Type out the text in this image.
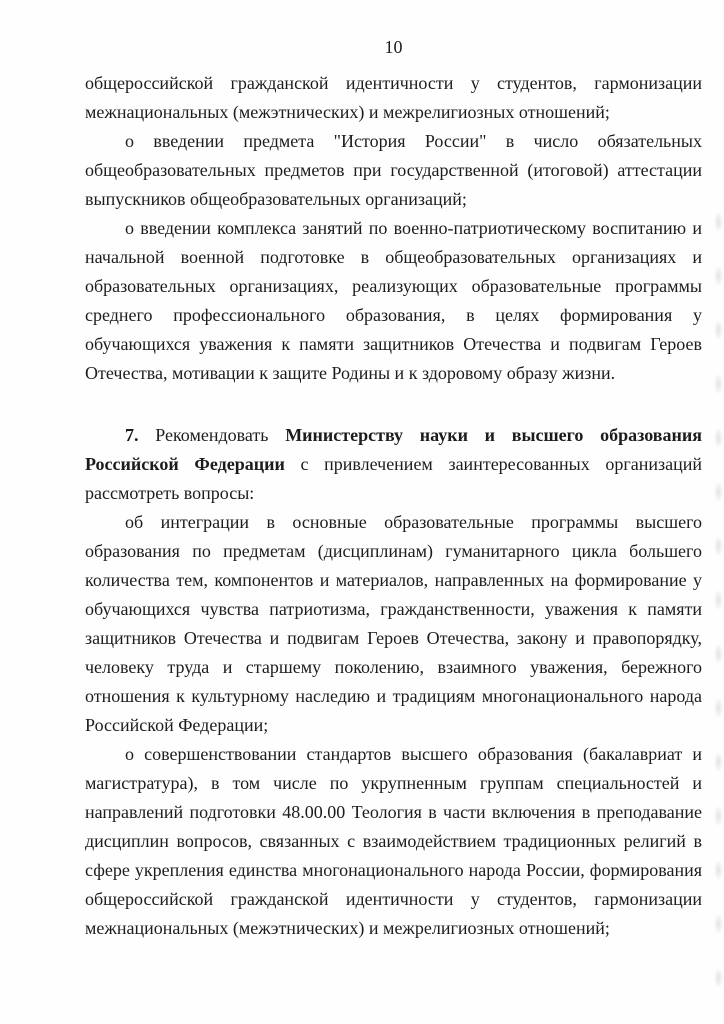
10

общероссийской гражданской идентичности у студентов, гармонизации межнациональных (межэтнических) и межрелигиозных отношений;

о введении предмета "История России" в число обязательных общеобразовательных предметов при государственной (итоговой) аттестации выпускников общеобразовательных организаций;

о введении комплекса занятий по военно-патриотическому воспитанию и начальной военной подготовке в общеобразовательных организациях и образовательных организациях, реализующих образовательные программы среднего профессионального образования, в целях формирования у обучающихся уважения к памяти защитников Отечества и подвигам Героев Отечества, мотивации к защите Родины и к здоровому образу жизни.

7. Рекомендовать Министерству науки и высшего образования Российской Федерации с привлечением заинтересованных организаций рассмотреть вопросы:

об интеграции в основные образовательные программы высшего образования по предметам (дисциплинам) гуманитарного цикла большего количества тем, компонентов и материалов, направленных на формирование у обучающихся чувства патриотизма, гражданственности, уважения к памяти защитников Отечества и подвигам Героев Отечества, закону и правопорядку, человеку труда и старшему поколению, взаимного уважения, бережного отношения к культурному наследию и традициям многонационального народа Российской Федерации;

о совершенствовании стандартов высшего образования (бакалавриат и магистратура), в том числе по укрупненным группам специальностей и направлений подготовки 48.00.00 Теология в части включения в преподавание дисциплин вопросов, связанных с взаимодействием традиционных религий в сфере укрепления единства многонационального народа России, формирования общероссийской гражданской идентичности у студентов, гармонизации межнациональных (межэтнических) и межрелигиозных отношений;
